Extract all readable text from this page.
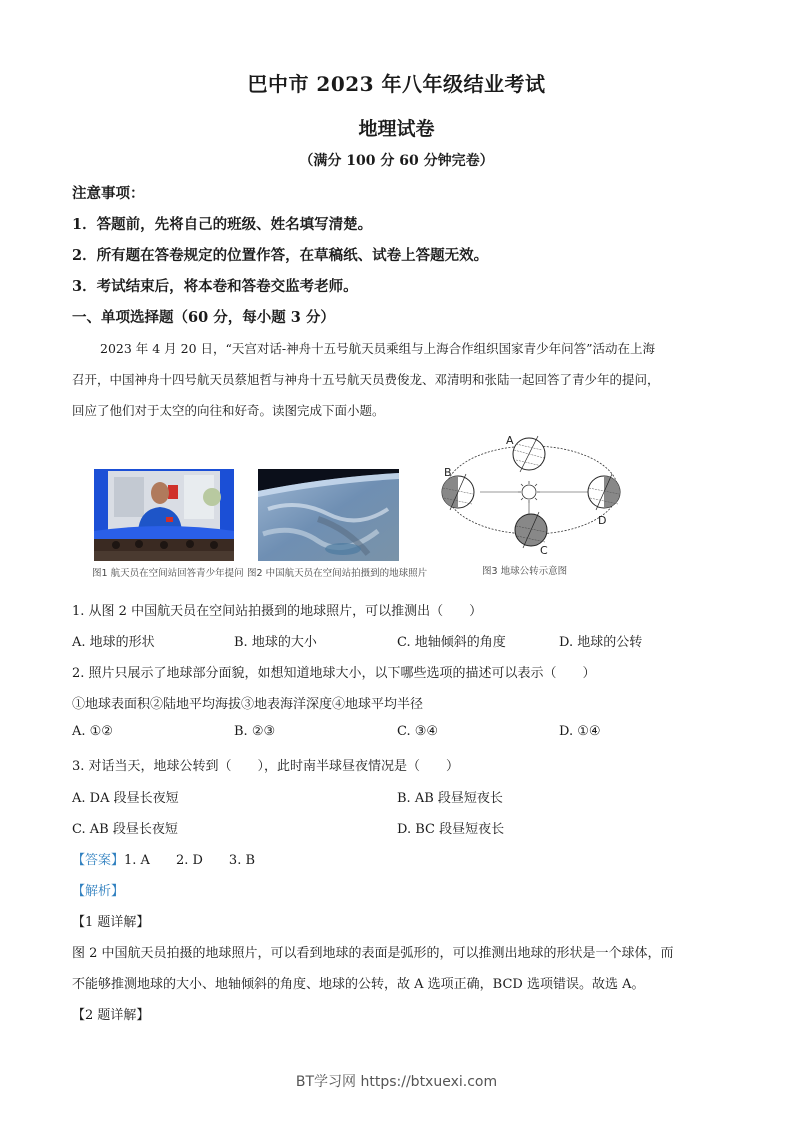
巴中市 2023 年八年级结业考试
地理试卷
（满分 100 分 60 分钟完卷）
注意事项：
1．答题前，先将自己的班级、姓名填写清楚。
2．所有题在答卷规定的位置作答，在草稿纸、试卷上答题无效。
3．考试结束后，将本卷和答卷交监考老师。
一、单项选择题（60 分，每小题 3 分）
2023 年 4 月 20 日，“天宫对话-神舟十五号航天员乘组与上海合作组织国家青少年问答”活动在上海
召开，中国神舟十四号航天员蔡旭哲与神舟十五号航天员费俊龙、邓清明和张陆一起回答了青少年的提问，
回应了他们对于太空的向往和好奇。读图完成下面小题。
图1 航天员在空间站回答青少年提问 图2 中国航天员在空间站拍摄到的地球照片
A
B
C
D
图3 地球公转示意图
1. 从图 2 中国航天员在空间站拍摄到的地球照片，可以推测出（　　）
A. 地球的形状	B. 地球的大小	C. 地轴倾斜的角度	D. 地球的公转
2. 照片只展示了地球部分面貌，如想知道地球大小，以下哪些选项的描述可以表示（　　）
①地球表面积②陆地平均海拔③地表海洋深度④地球平均半径
A. ①②	B. ②③	C. ③④	D. ①④
3. 对话当天，地球公转到（　　），此时南半球昼夜情况是（　　）
A. DA 段昼长夜短	B. AB 段昼短夜长
C. AB 段昼长夜短	D. BC 段昼短夜长
【答案】1. A 2. D 3. B
【解析】
【1 题详解】
图 2 中国航天员拍摄的地球照片，可以看到地球的表面是弧形的，可以推测出地球的形状是一个球体，而
不能够推测地球的大小、地轴倾斜的角度、地球的公转，故 A 选项正确，BCD 选项错误。故选 A。
【2 题详解】
BT学习网 https://btxuexi.com
